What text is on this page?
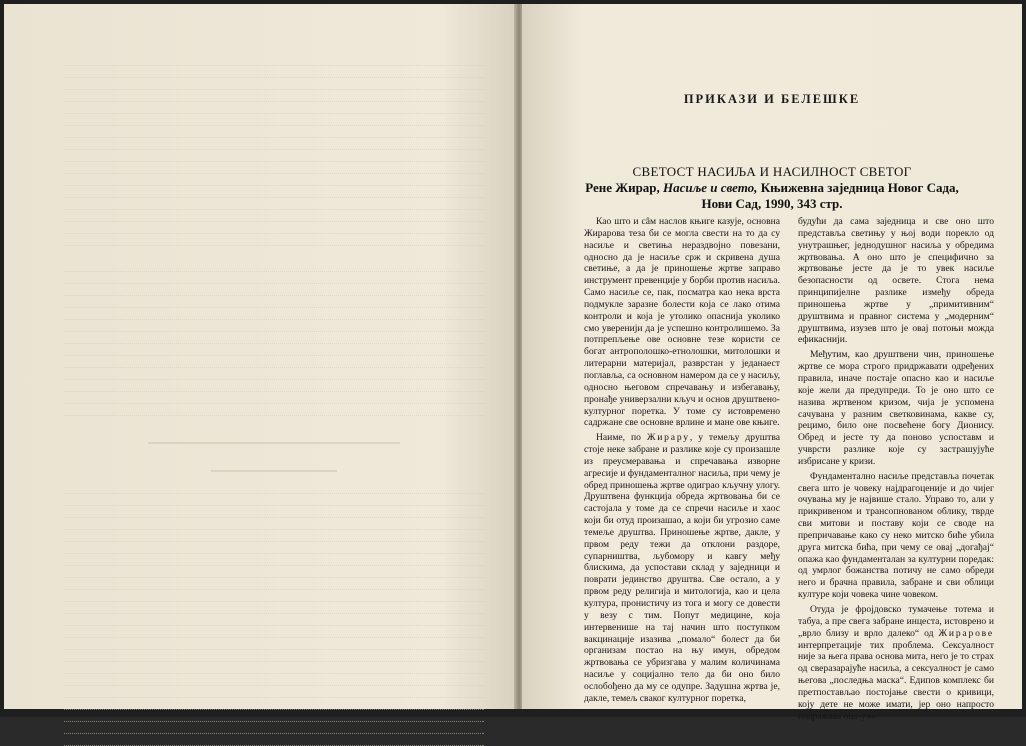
ПРИКАЗИ И БЕЛЕШКЕ
СВЕТОСТ НАСИЉА И НАСИЛНОСТ СВЕТОГ
Рене Жирар, Насиље и свето, Књижевна заједница Новог Сада,
Нови Сад, 1990, 343 стр.

Као што и сâм наслов књиге казује, основна Жирарова теза би се могла свести на то да су насиље и светиња нераздвојно повезани, односно да је насиље срж и скривена душа светиње, а да је приношење жртве заправо инструмент превенције у борби против насиља. Само насиље се, пак, посматра као нека врста подмукле заразне болести која се лако отима контроли и која је утолико опаснија уколико смо уверенији да је успешно контролишемо. За потпрепљење ове основне тезе користи се богат антрополошко-етнолошки, митолошки и литерарни материјал, разврстан у једанаест поглавља, са основном намером да се у насиљу, односно његовом спречавању и избегавању, пронађе универзални кључ и основ друштвено-културног поретка. У томе су истовремено садржане све основне врлине и мане ове књиге.

Наиме, по Жирару, у темељу друштва стоје неке забране и разлике које су произашле из преусмеравања и спречавања изворне агресије и фундаменталног насиља, при чему је обред приношења жртве одиграо кључну улогу. Друштвена функција обреда жртвовања би се састојала у томе да се спречи насиље и хаос који би отуд произашао, а који би угрозио саме темеље друштва. Приношење жртве, дакле, у првом реду тежи да отклони раздоре, супарништва, љубомору и кавгу међу блискима, да успостави склад у заједници и поврати јединство друштва. Све остало, а у првом реду религија и митологија, као и цела култура, пронистичу из тога и могу се довести у везу с тим. Попут медицине, која интервенише на тај начин што поступком вакцинације изазива „помало“ болест да би организам постао на њу имун, обредом жртвовања се убризгава у малим количинама насиље у социјално тело да би оно било ослобођено да му се одупре. Задушна жртва је, дакле, темељ сваког културног поретка,

будући да сама заједница и све оно што представља светињу у њој води порекло од унутрашњег, једнодушног насиља у обредима жртвовања. А оно што је специфично за жртвовање јесте да је то увек насиље безопасности од осветe. Стога нема принципијелне разлике између обреда приношења жртве у „примитивним“ друштвима и правног система у „модерним“ друштвима, изузев што је овај потоњи можда ефикаснији.

Међутим, као друштвени чин, приношење жртве се мора строго придржавати одређених правила, иначе постаје опасно као и насиље које жели да предупреди. То је оно што се назива жртвеном кризом, чија је успомена сачувана у разним светковинама, какве су, рецимо, било оне посвећене богу Дионису. Обред и јесте ту да поново успоставм и учврсти разлике које су застрашујуће избрисане у кризи.

Фундаментално насиље представља почетак свега што је човеку најдрагоценије и до чијег очувања му је највише стало. Управо то, али у прикривеном и трансопнованом облику, тврде сви митови и поставу који се своде на препричавање како су неко митско биће убила друга митска бића, при чему се овај „догађај“ опажа као фундаменталан за културни поредак: од умрлог божанства потичу не само обреди него и брачна правила, забране и сви облици културе који човека чине човеком.

Отуда је фројдовско тумачење тотема и табуа, а пре свега забране инцеста, истоврено и „врло близу и врло далеко“ од Жирарове интерпретације тих проблема. Сексуалност није за њега права основа мита, него је то страх од сверазарајуће насиља, а сексуалност је само његова „последња маска“. Едипов комплекс би претпостављао постојање свести о кривици, коју дете не може имати, јер оно напросто подражава оца-узо-
